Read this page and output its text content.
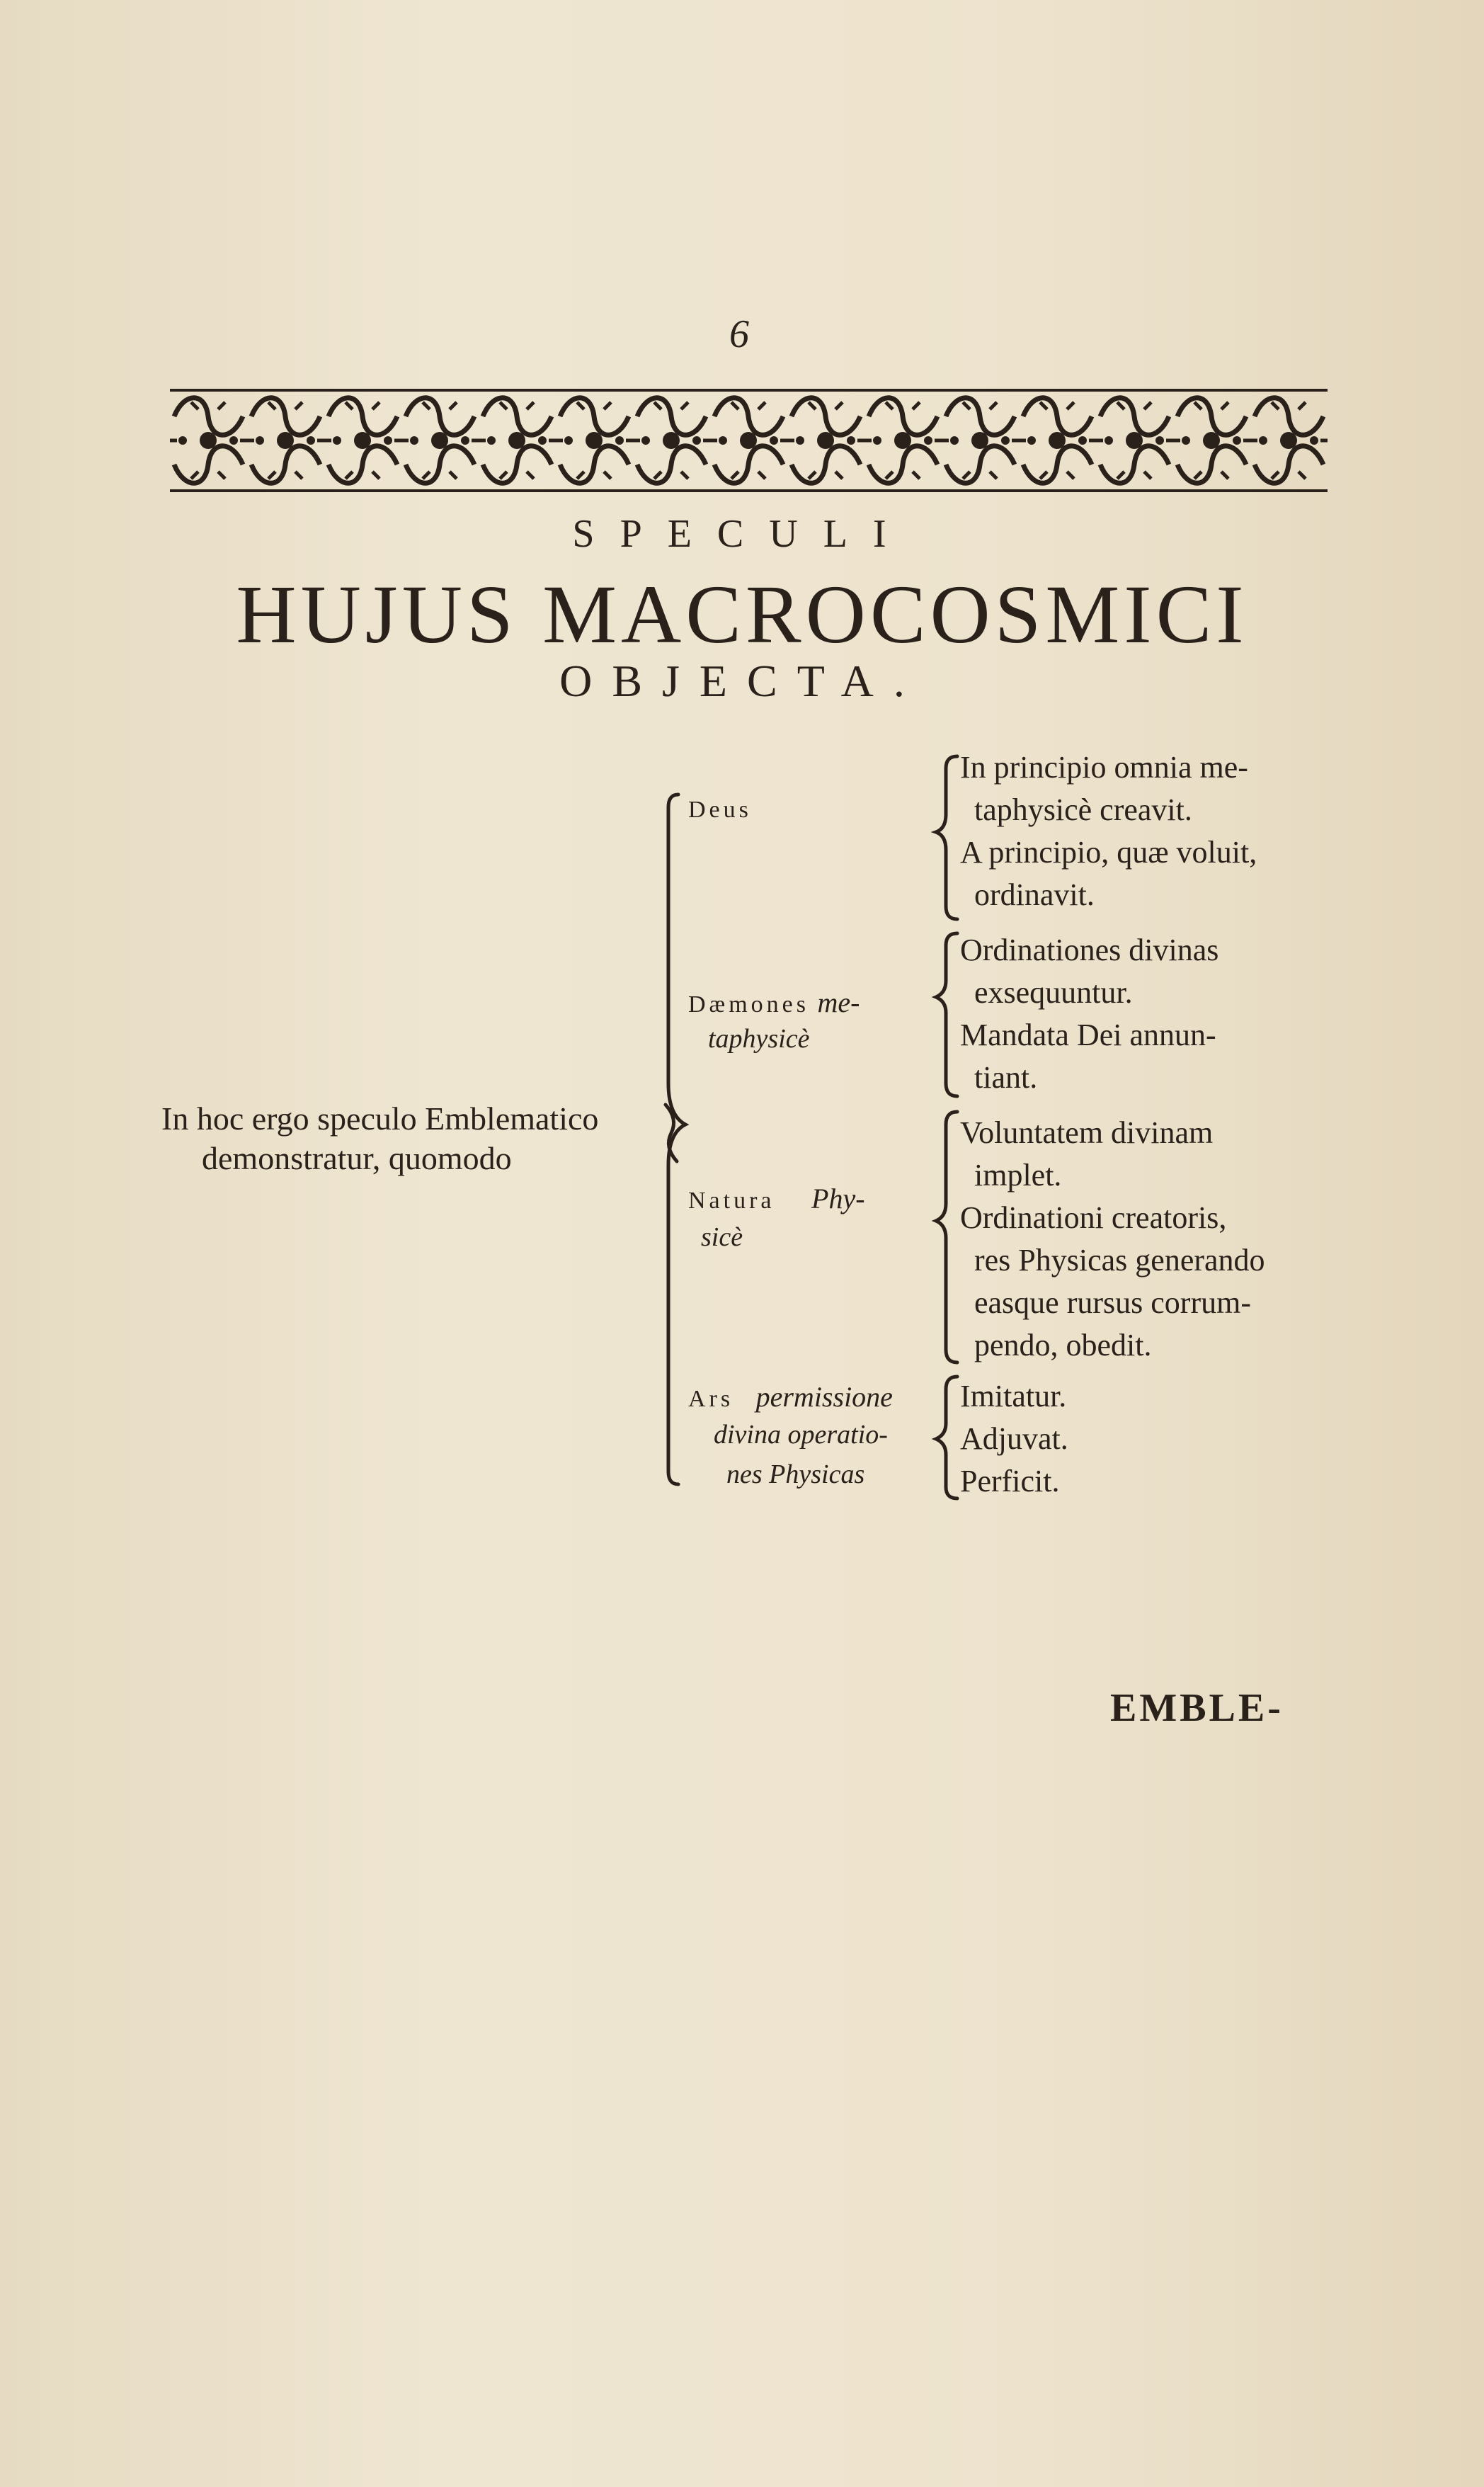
6
SPECULI
HUJUS MACROCOSMICI
OBJECTA.
In hoc ergo speculo Emblematico
demonstratur, quomodo
Deus
Dæmones me-
taphysicè
Natura Phy-
sicè
Ars permissione
divina operatio-
nes Physicas
In principio omnia me-
taphysicè creavit.
A principio, quæ voluit,
ordinavit.
Ordinationes divinas
exsequuntur.
Mandata Dei annun-
tiant.
Voluntatem divinam
implet.
Ordinationi creatoris,
res Physicas generando
easque rursus corrum-
pendo, obedit.
Imitatur.
Adjuvat.
Perficit.
EMBLE-
